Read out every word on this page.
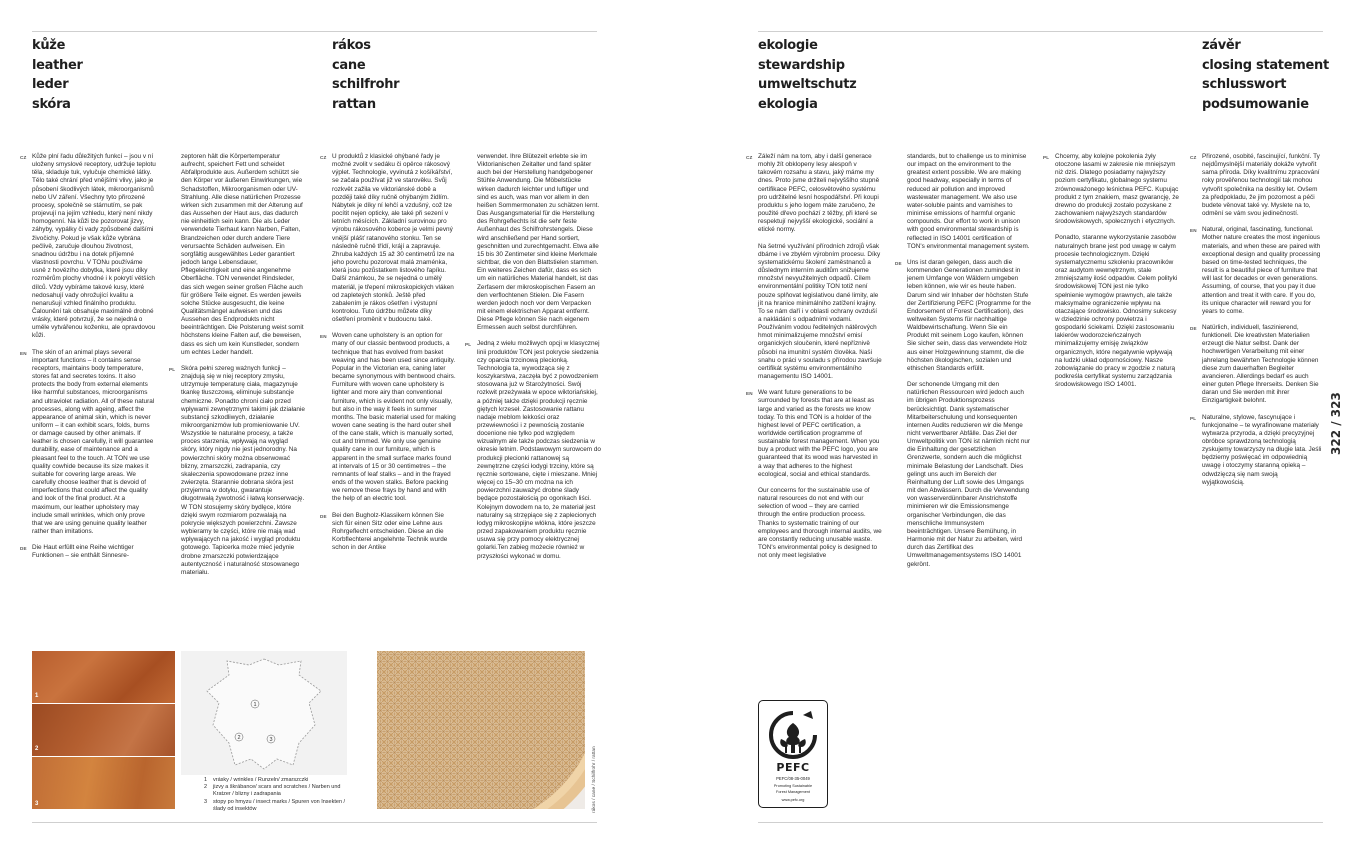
kůže
leather
leder
skóra
rákos
cane
schilfrohr
rattan
ekologie
stewardship
umweltschutz
ekologia
závěr
closing statement
schlusswort
podsumowanie
CZ Kůže plní řadu důležitých funkcí – jsou v ní uloženy smyslové receptory, udržuje teplotu těla, skladuje tuk, vylučuje chemické látky. Tělo také chrání před vnějšími vlivy, jako je působení škodlivých látek, mikroorganismů nebo UV záření. Všechny tyto přirozené procesy, společně se stárnutím, se pak projevují na jejím vzhledu, který není nikdy homogenní. Na kůži lze pozorovat jizvy, záhyby, vypálky či vady způsobené dalšími živočichy. Pokud je však kůže vybrána pečlivě, zaručuje dlouhou životnost, snadnou údržbu i na dotek příjemné vlastnosti povrchu. V TONu používáme usně z hovězího dobytka, které jsou díky rozměrům plochy vhodné i k pokrytí větších dílců. Vždy vybíráme takové kusy, které nedosahují vady ohrožující kvalitu a nenarušují vzhled finálního produktu. Čalounění tak obsahuje maximálně drobné vrásky, které potvrzují, že se nejedná o uměle vytvářenou koženku, ale opravdovou kůži.
EN The skin of an animal plays several important functions – it contains sense receptors, maintains body temperature, stores fat and secretes toxins. It also protects the body from external elements like harmful substances, microorganisms and ultraviolet radiation. All of these natural processes, along with ageing, affect the appearance of animal skin, which is never uniform – it can exhibit scars, folds, burns or damage caused by other animals. If leather is chosen carefully, it will guarantee durability, ease of maintenance and a pleasant feel to the touch. At TON we use quality cowhide because its size makes it suitable for covering large areas. We carefully choose leather that is devoid of imperfections that could affect the quality and look of the final product. At a maximum, our leather upholstery may include small wrinkles, which only prove that we are using genuine quality leather rather than imitations.
DE Die Haut erfüllt eine Reihe wichtiger Funktionen – sie enthält Sinnesre-
zeptoren hält die Körpertemperatur aufrecht, speichert Fett und scheidet Abfallprodukte aus. Außerdem schützt sie den Körper vor äußeren Einwirkungen, wie Schadstoffen, Mikroorganismen oder UV-Strahlung. Alle diese natürlichen Prozesse wirken sich zusammen mit der Alterung auf das Aussehen der Haut aus, das dadurch nie einheitlich sein kann. Die als Leder verwendete Tierhaut kann Narben, Falten, Brandzeichen oder durch andere Tiere verursachte Schäden aufweisen. Ein sorgfältig ausgewähltes Leder garantiert jedoch lange Lebensdauer, Pflegeleichtigkeit und eine angenehme Oberfläche. TON verwendet Rindsleder, das sich wegen seiner großen Fläche auch für größere Teile eignet. Es werden jeweils solche Stücke ausgesucht, die keine Qualitätsmängel aufweisen und das Aussehen des Endprodukts nicht beeinträchtigen. Die Polsterung weist somit höchstens kleine Falten auf, die beweisen, dass es sich um kein Kunstleder, sondern um echtes Leder handelt.
PL Skóra pełni szereg ważnych funkcji – znajdują się w niej receptory zmysłu, utrzymuje temperaturę ciała, magazynuje tkankę tłuszczową, eliminuje substancje chemiczne. Ponadto chroni ciało przed wpływami zewnętrznymi takimi jak działanie substancji szkodliwych, działanie mikroorganizmów lub promieniowanie UV. Wszystkie te naturalne procesy, a także proces starzenia, wpływają na wygląd skóry, który nigdy nie jest jednorodny. Na powierzchni skóry można obserwować blizny, zmarszczki, zadrapania, czy skaleczenia spowodowane przez inne zwierzęta. Starannie dobrana skóra jest przyjemna w dotyku, gwarantuje długotrwałą żywotność i łatwą konserwację. W TON stosujemy skóry bydlęce, które dzięki swym rozmiarom pozwalają na pokrycie większych powierzchni. Zawsze wybieramy te części, które nie mają wad wpływających na jakość i wygląd produktu gotowego. Tapicerka może mieć jedynie drobne zmarszczki potwierdzające autentyczność i naturalność stosowanego materiału.
CZ U produktů z klasické ohýbané řady je možné zvolit v sedáku či opěrce rákosový výplet. Technologie, vyvinutá z košíkářství, se začala používat již ve starověku. Svůj rozkvět zažila ve viktoriánské době a později také díky ručně ohýbaným židlím. Nábytek je díky ní lehčí a vzdušný, což lze pocítit nejen opticky, ale také při sezení v letních měsících. Základní surovinou pro výrobu rákosového koberce je velmi pevný vnější plášť ratanového stonku. Ten se následně ručně třídí, krájí a zapravuje. Zhruba každých 15 až 30 centimetrů lze na jeho povrchu pozorovat malá znaménka, která jsou pozůstatkem listového řapíku. Další známkou, že se nejedná o umělý materiál, je třepení mikroskopických vláken od zapleteých stonků. Ještě před zabalením je rákos ošetřen i výstupní kontrolou. Tuto údržbu můžete díky ošetření proměnit v budoucnu také.
EN Woven cane upholstery is an option for many of our classic bentwood products, a technique that has evolved from basket weaving and has been used since antiquity. Popular in the Victorian era, caning later became synonymous with bentwood chairs. Furniture with woven cane upholstery is lighter and more airy than conventional furniture, which is evident not only visually, but also in the way it feels in summer months. The basic material used for making woven cane seating is the hard outer shell of the cane stalk, which is manually sorted, cut and trimmed. We only use genuine quality cane in our furniture, which is apparent in the small surface marks found at intervals of 15 or 30 centimetres – the remnants of leaf stalks – and in the frayed ends of the woven stalks. Before packing we remove these frays by hand and with the help of an electric tool.
DE Bei den Bugholz-Klassikern können Sie sich für einen Sitz oder eine Lehne aus Rohrgeflecht entscheiden. Diese an die Korbflechterei angelehnte Technik wurde schon in der Antike
verwendet. Ihre Blütezeit erlebte sie im Viktorianischen Zeitalter und fand später auch bei der Herstellung handgebogener Stühle Anwendung. Die Möbelstücke wirken dadurch leichter und luftiger und sind es auch, was man vor allem in den heißen Sommermonaten zu schätzen lernt. Das Ausgangsmaterial für die Herstellung des Rohrgeflechts ist die sehr feste Außenhaut des Schilfrohrstengels. Diese wird anschließend per Hand sortiert, geschnitten und zurechtgemacht. Etwa alle 15 bis 30 Zentimeter sind kleine Merkmale sichtbar, die von den Blattstielen stammen. Ein weiteres Zeichen dafür, dass es sich um ein natürliches Material handelt, ist das Zerfasern der mikroskopischen Fasern an den verflochtenen Stielen. Die Fasern werden jedoch noch vor dem Verpacken mit einem elektrischen Apparat entfernt. Diese Pflege können Sie nach eigenem Ermessen auch selbst durchführen.
PL Jedną z wielu możliwych opcji w klasycznej linii produktów TON jest pokrycie siedzenia czy oparcia trzcinową plecionką. Technologia ta, wywodząca się z koszykarstwa, zaczęła być z powodzeniem stosowana już w Starożytności. Swój rozkwit przeżywała w epoce wiktoriańskiej, a później także dzięki produkcji ręcznie giętych krzeseł. Zastosowanie rattanu nadaje meblom lekkości oraz przewiewności i z pewnością zostanie docenione nie tylko pod względem wizualnym ale także podczas siedzenia w okresie letnim. Podstawowym surowcem do produkcji plecionki rattanowej są zewnętrzne części łodygi trzciny, które są ręcznie sortowane, cięte i mieszane. Mniej więcej co 15–30 cm można na ich powierzchni zauważyć drobne ślady będące pozostałością po ogonkach liści. Kolejnym dowodem na to, że materiał jest naturalny są strzępiące się z zaplecionych łodyg mikroskopijne włókna, które jeszcze przed zapakowaniem produktu ręcznie usuwa się przy pomocy elektrycznej golarki.Ten zabieg możecie również w przyszłości wykonać w domu.
CZ Záleží nám na tom, aby i další generace mohly žít obklopeny lesy alespoň v takovém rozsahu a stavu, jaký máme my dnes. Proto jsme držiteli nejvyššího stupně certifikace PEFC, celosvětového systému pro udržitelné lesní hospodářství. Při koupi produktu s jeho logem máte zaručeno, že použité dřevo pochází z těžby, při které se respektují nejvyšší ekologické, sociální a etické normy.
Na šetrné využívání přírodních zdrojů však dbáme i ve zbylém výrobním procesu. Díky systematickému školení zaměstnanců a důslednym interním auditům snižujeme množství nevyužitelných odpadů. Cílem environmentální politiky TON totiž není pouze splňovat legislativou dané limity, ale jít na hranice minimálního zatížení krajiny. To se nám daří i v oblasti ochrany ovzduší a nakládání s odpadními vodami. Používáním vodou ředitelných nátěrových hmot minimalizujeme množství emisí organických sloučenin, které nepříznivě působí na imunitní systém člověka. Naši snahu o práci v souladu s přírodou završuje certifikát systému environmentálního managementu ISO 14001.
EN We want future generations to be surrounded by forests that are at least as large and varied as the forests we know today. To this end TON is a holder of the highest level of PEFC certification, a worldwide certification programme of sustainable forest management. When you buy a product with the PEFC logo, you are guaranteed that its wood was harvested in a way that adheres to the highest ecological, social and ethical standards.
Our concerns for the sustainable use of natural resources do not end with our selection of wood – they are carried through the entire production process. Thanks to systematic training of our employees and thorough internal audits, we are constantly reducing unusable waste. TON's environmental policy is designed to not only meet legislative
standards, but to challenge us to minimise our impact on the environment to the greatest extent possible. We are making good headway, especially in terms of reduced air pollution and improved wastewater management. We also use water-soluble paints and varnishes to minimise emissions of harmful organic compounds. Our effort to work in unison with good environmental stewardship is reflected in ISO 14001 certification of TON's environmental management system.
DE Uns ist daran gelegen, dass auch die kommenden Generationen zumindest in jenem Umfange von Wäldern umgeben leben können, wie wir es heute haben. Darum sind wir Inhaber der höchsten Stufe der Zertifizierung PEFC (Programme for the Endorsement of Forest Certification), des weltweiten Systems für nachhaltige Waldbewirtschaftung. Wenn Sie ein Produkt mit seinem Logo kaufen, können Sie sicher sein, dass das verwendete Holz aus einer Holzgewinnung stammt, die die höchsten ökologischen, sozialen und ethischen Standards erfüllt.
Der schonende Umgang mit den natürlichen Ressourcen wird jedoch auch im übrigen Produktionsprozess berücksichtigt. Dank systematischer Mitarbeiterschulung und konsequenten internen Audits reduzieren wir die Menge nicht verwertbarer Abfälle. Das Ziel der Umweltpolitik von TON ist nämlich nicht nur die Einhaltung der gesetzlichen Grenzwerte, sondern auch die möglichst minimale Belastung der Landschaft. Dies gelingt uns auch im Bereich der Reinhaltung der Luft sowie des Umgangs mit den Abwässern. Durch die Verwendung von wasserverdünnbarer Anstrichstoffe minimieren wir die Emissionsmenge organischer Verbindungen, die das menschliche Immunsystem beeinträchtigen. Unsere Bemühung, in Harmonie mit der Natur zu arbeiten, wird durch das Zertifikat des Umweltmanagementsystems ISO 14001 gekrönt.
PL Chcemy, aby kolejne pokolenia żyły otoczone lasami w zakresie nie mniejszym niż dziś. Dlatego posiadamy najwyższy poziom certyfikatu, globalnego systemu zrównoważonego leśnictwa PEFC. Kupując produkt z tym znakiem, masz gwarancję, że drewno do produkcji zostało pozyskane z zachowaniem najwyższych standardów środowiskowych, społecznych i etycznych.
Ponadto, staranne wykorzystanie zasobów naturalnych brane jest pod uwagę w całym procesie technologicznym. Dzięki systematycznemu szkoleniu pracowników oraz audytom wewnętrznym, stale zmniejszamy ilość odpadów. Celem polityki środowiskowej TON jest nie tylko spełnienie wymogów prawnych, ale także maksymalne ograniczenie wpływu na otaczające środowisko. Odnosimy sukcesy w dziedzinie ochrony powietrza i gospodarki ściekami. Dzięki zastosowaniu lakierów wodorozcieńczalnych minimalizujemy emisję związków organicznych, które negatywnie wpływają na ludzki układ odpornościowy. Nasze zobowiązanie do pracy w zgodzie z naturą podkreśla certyfikat systemu zarządzania środowiskowego ISO 14001.
CZ Přirozené, osobité, fascinující, funkční. Ty nejdůmyslnější materiály dokáže vytvořit sama příroda. Díky kvalitnímu zpracování roky prověřenou technologií tak mohou vytvořit společnika na desítky let. Ovšem za předpokladu, že jim pozornost a péči budete věnovat také vy. Myslete na to, odmění se vám svou jedinečností.
EN Natural, original, fascinating, functional. Mother nature creates the most ingenious materials, and when these are paired with exceptional design and quality processing based on time-tested techniques, the result is a beautiful piece of furniture that will last for decades or even generations. Assuming, of course, that you pay it due attention and treat it with care. If you do, its unique character will reward you for years to come.
DE Natürlich, individuell, faszinierend, funktionell. Die kreativsten Materialien erzeugt die Natur selbst. Dank der hochwertigen Verarbeitung mit einer jahrelang bewährten Technologie können diese zum dauerhaften Begleiter avancieren. Allerdings bedarf es auch einer guten Pflege Ihrerseits. Denken Sie daran und Sie werden mit ihrer Einzigartigkeit belohnt.
PL Naturalne, stylowe, fascynujące i funkcjonalne – te wyrafinowane materiały wytwarza przyroda, a dzięki precyzyjnej obróbce sprawdzoną technologią zyskujemy towarzyszy na długie lata. Jeśli będziemy poświęcać im odpowiednią uwagę i otoczymy staranną opieką – odwdzięczą się nam swoją wyjątkowością.
322 / 323
1
2
3
1
2	3
1 vrásky / wrinkles / Runzeln/ zmarszczki
2 jizvy a škrábance/ scars and scratches / Narben und Kratzer / blizny i zadrapania
3 stopy po hmyzu / insect marks / Spuren von Insekten / ślady od insektów	rákos / cane / Schilfrohr / rattan	PEFC
PEFC/08-35-0049
Promoting Sustainable
Forest Management
www.pefc.org
